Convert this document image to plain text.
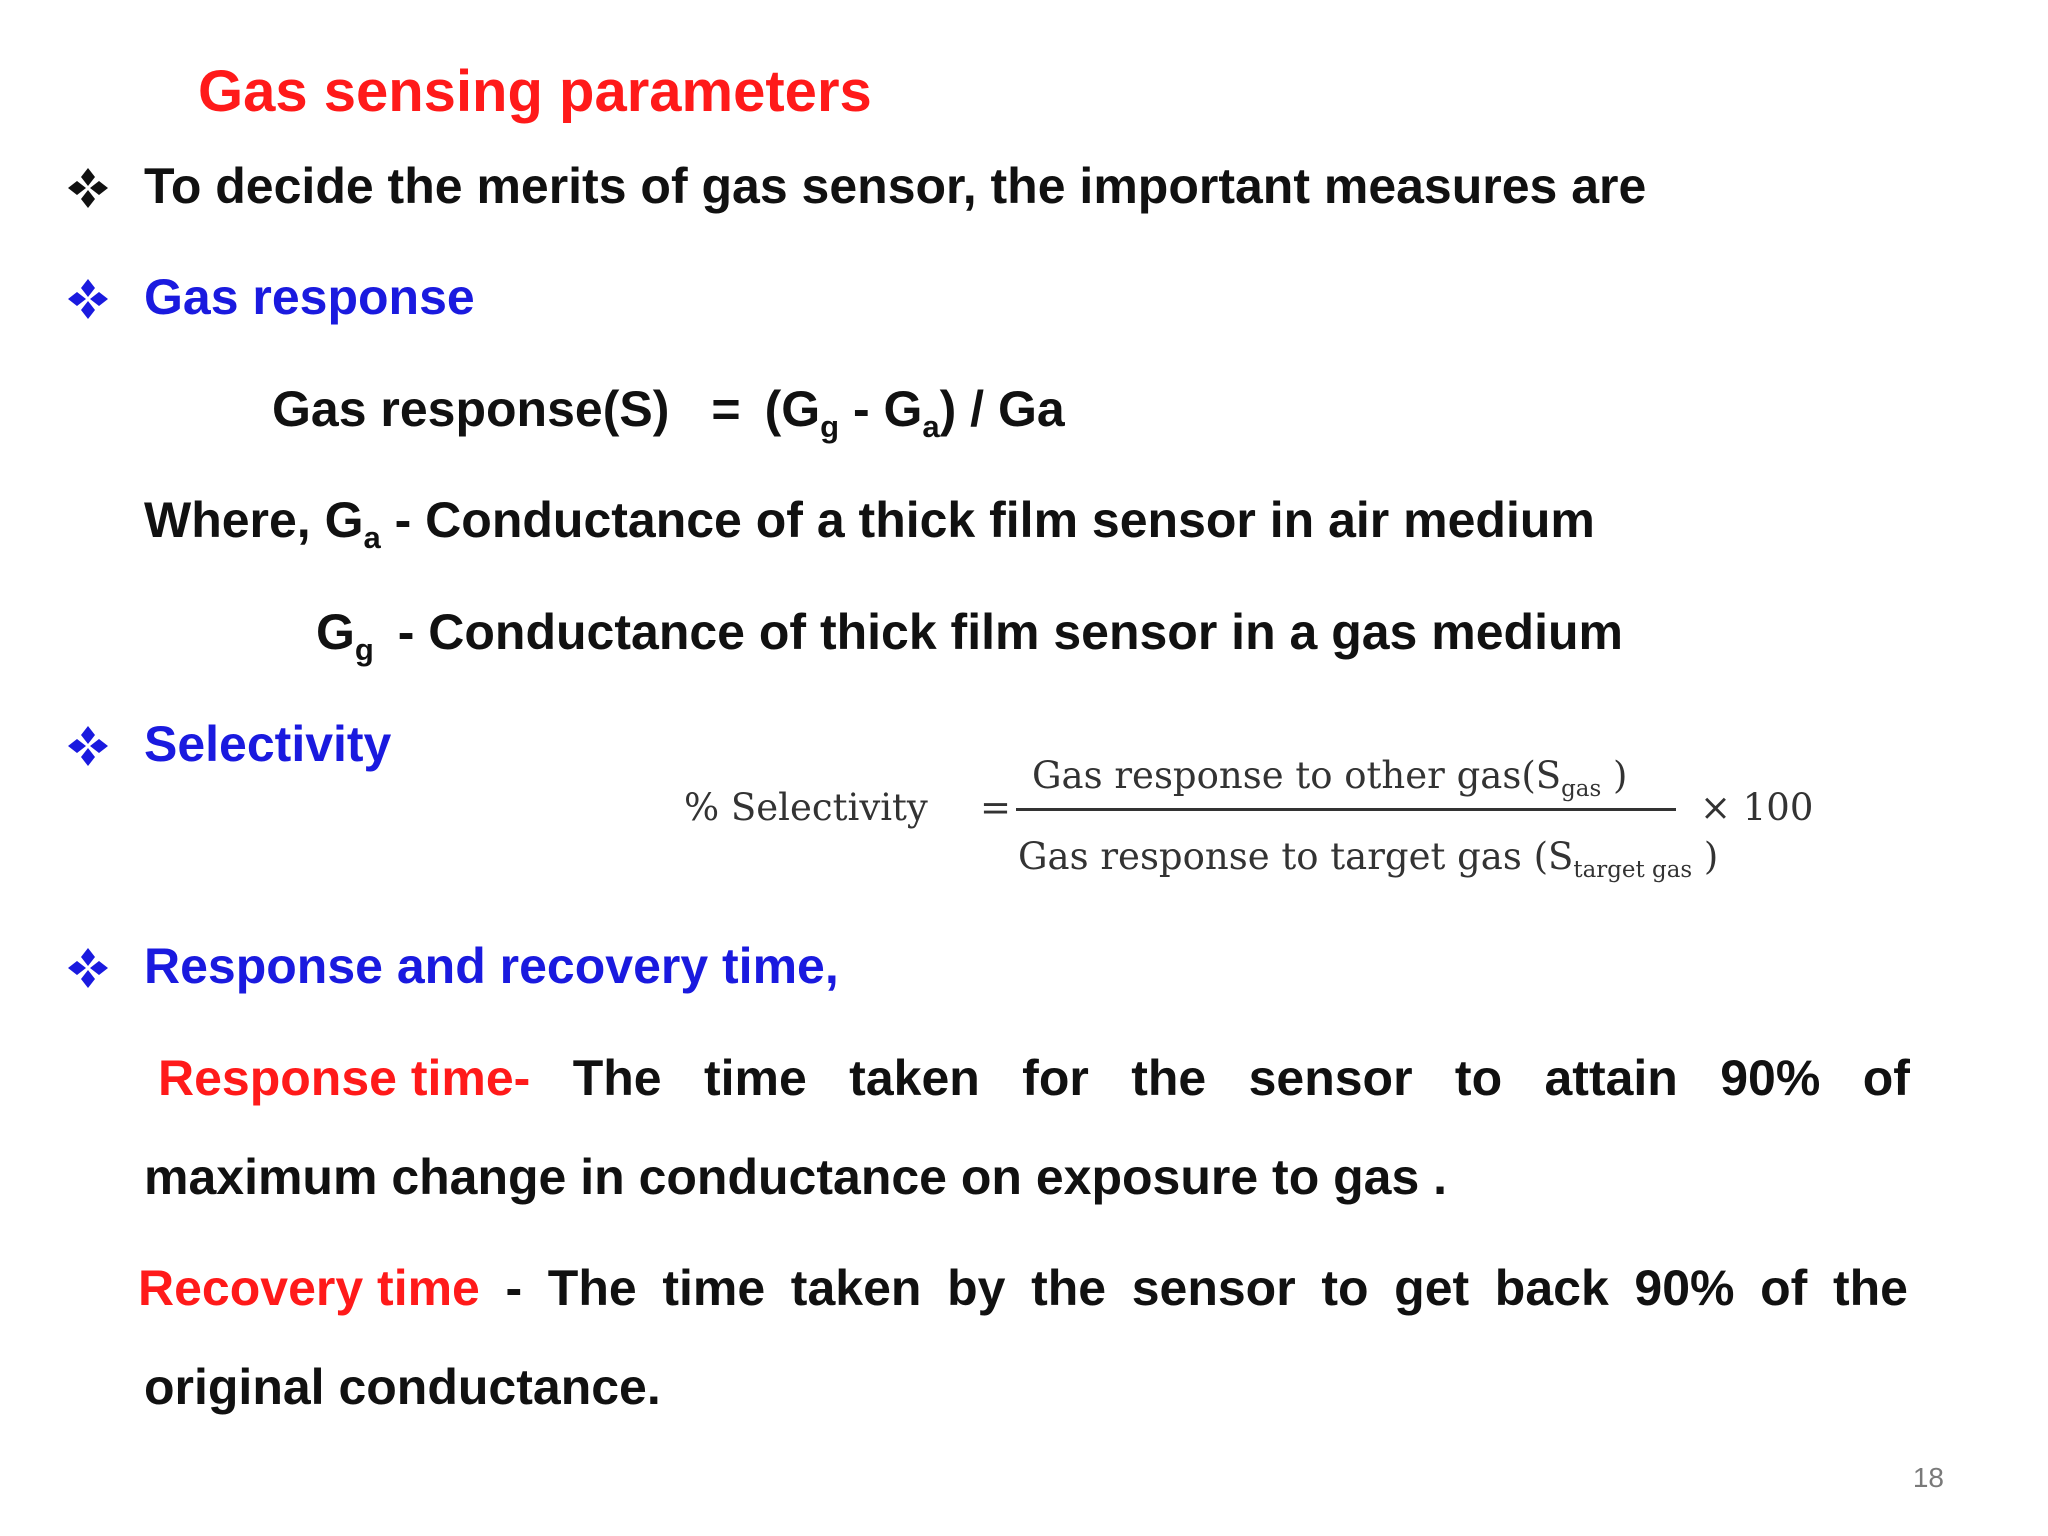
Gas sensing parameters
To decide the merits of gas sensor, the important measures are
Gas response
Gas response(S) = $(G_g - G_a)$ / Ga
Where, $G_a$ - Conductance of a thick film sensor in air medium
$G_g$ - Conductance of thick film sensor in a gas medium
Selectivity
% Selectivity =
Gas response to other $gas(S_{gas}$ )
Gas response to target gas ($S_{target gas}$ )
× 100
Response and recovery time,
Response time- The time taken for the sensor to attain 90% of
maximum change in conductance on exposure to gas .
Recovery time - The time taken by the sensor to get back 90% of the
original conductance.
18
